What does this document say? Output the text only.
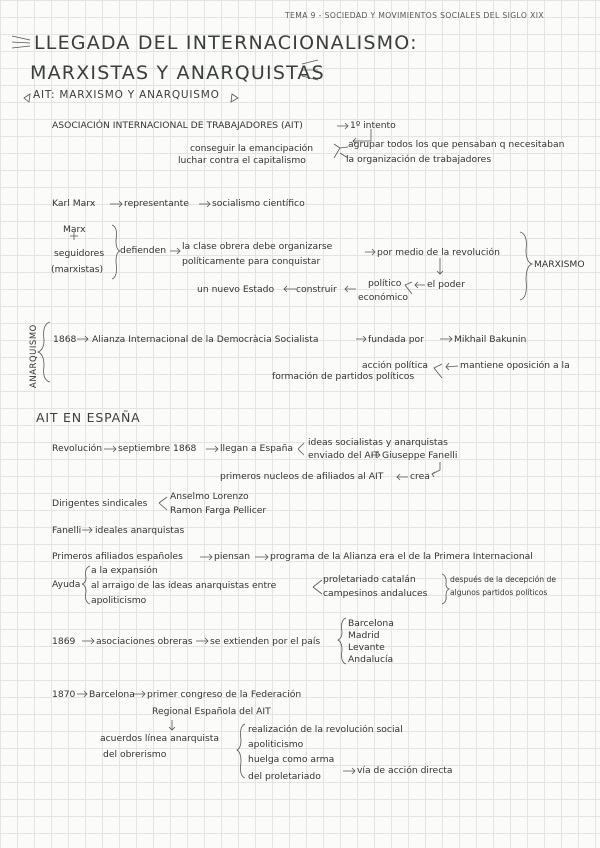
TEMA 9 - SOCIEDAD Y MOVIMIENTOS SOCIALES DEL SIGLO XIX
LLEGADA DEL INTERNACIONALISMO:
MARXISTAS Y ANARQUISTAS
AIT: MARXISMO Y ANARQUISMO
ASOCIACIÓN INTERNACIONAL DE TRABAJADORES (AIT)	1º intento
agrupar todos los que pensaban q necesitaban
conseguir la emancipación
la organización de trabajadores
luchar contra el capitalismo
Karl Marx	representante	socialismo científico
Marx
seguidores
(marxistas)
defienden la clase obrera debe organizarse
políticamente para conquistar
por medio de la revolución
el poder
político
económico
un nuevo Estado construir
MARXISMO
ANARQUISMO 1868 Alianza Internacional de la Democràcia Socialista	fundada por	Mikhail Bakunin
acción política	mantiene oposición a la
formación de partidos políticos
AIT EN ESPAÑA
Revolución septiembre 1868	llegan a España
ideas socialistas y anarquistas
enviado del AIT Giuseppe Fanelli
primeros nucleos de afiliados al AIT	crea
Dirigentes sindicales
Anselmo Lorenzo
Ramon Farga Pellicer
Fanelli ideales anarquistas
Primeros afiliados españoles	piensan programa de la Alianza era el de la Primera Internacional
Ayuda
a la expansión
al arraigo de las ideas anarquistas entre
apoliticismo
proletariado catalán
campesinos andaluces
después de la decepción de
algunos partidos políticos
1869 asociaciones obreras se extienden por el país
Barcelona
Madrid
Levante
Andalucía
1870 Barcelona primer congreso de la Federación
Regional Española del AIT
acuerdos línea anarquista
del obrerismo
realización de la revolución social
apoliticismo
huelga como arma
del proletariado
vía de acción directa
